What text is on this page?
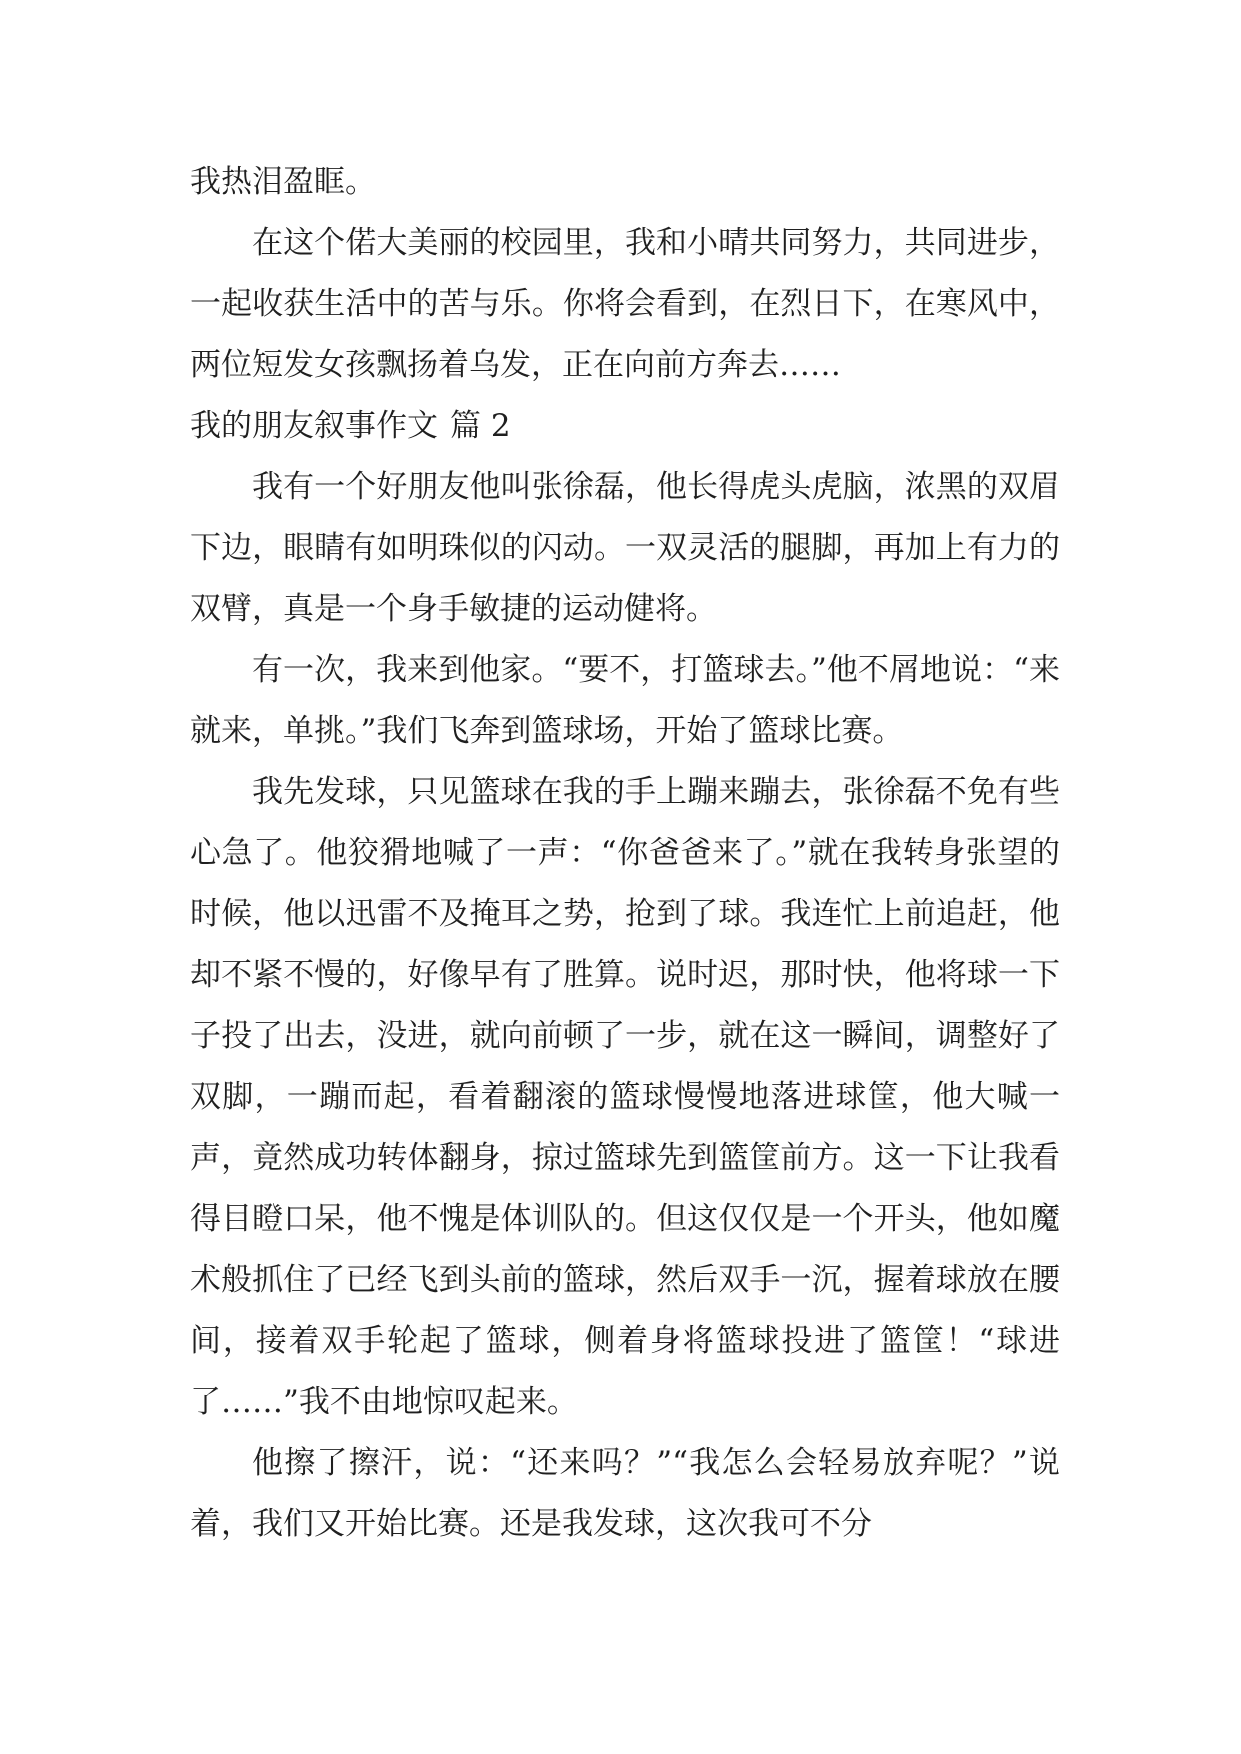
我热泪盈眶。

在这个偌大美丽的校园里，我和小晴共同努力，共同进步，一起收获生活中的苦与乐。你将会看到，在烈日下，在寒风中，两位短发女孩飘扬着乌发，正在向前方奔去……

我的朋友叙事作文 篇 2

我有一个好朋友他叫张徐磊，他长得虎头虎脑，浓黑的双眉下边，眼睛有如明珠似的闪动。一双灵活的腿脚，再加上有力的双臂，真是一个身手敏捷的运动健将。

有一次，我来到他家。“要不，打篮球去。”他不屑地说：“来就来，单挑。”我们飞奔到篮球场，开始了篮球比赛。

我先发球，只见篮球在我的手上蹦来蹦去，张徐磊不免有些心急了。他狡猾地喊了一声：“你爸爸来了。”就在我转身张望的时候，他以迅雷不及掩耳之势，抢到了球。我连忙上前追赶，他却不紧不慢的，好像早有了胜算。说时迟，那时快，他将球一下子投了出去，没进，就向前顿了一步，就在这一瞬间，调整好了双脚，一蹦而起，看着翻滚的篮球慢慢地落进球筐，他大喊一声，竟然成功转体翻身，掠过篮球先到篮筐前方。这一下让我看得目瞪口呆，他不愧是体训队的。但这仅仅是一个开头，他如魔术般抓住了已经飞到头前的篮球，然后双手一沉，握着球放在腰间，接着双手轮起了篮球，侧着身将篮球投进了篮筐！“球进了……”我不由地惊叹起来。

他擦了擦汗，说：“还来吗？”“我怎么会轻易放弃呢？”说着，我们又开始比赛。还是我发球，这次我可不分
